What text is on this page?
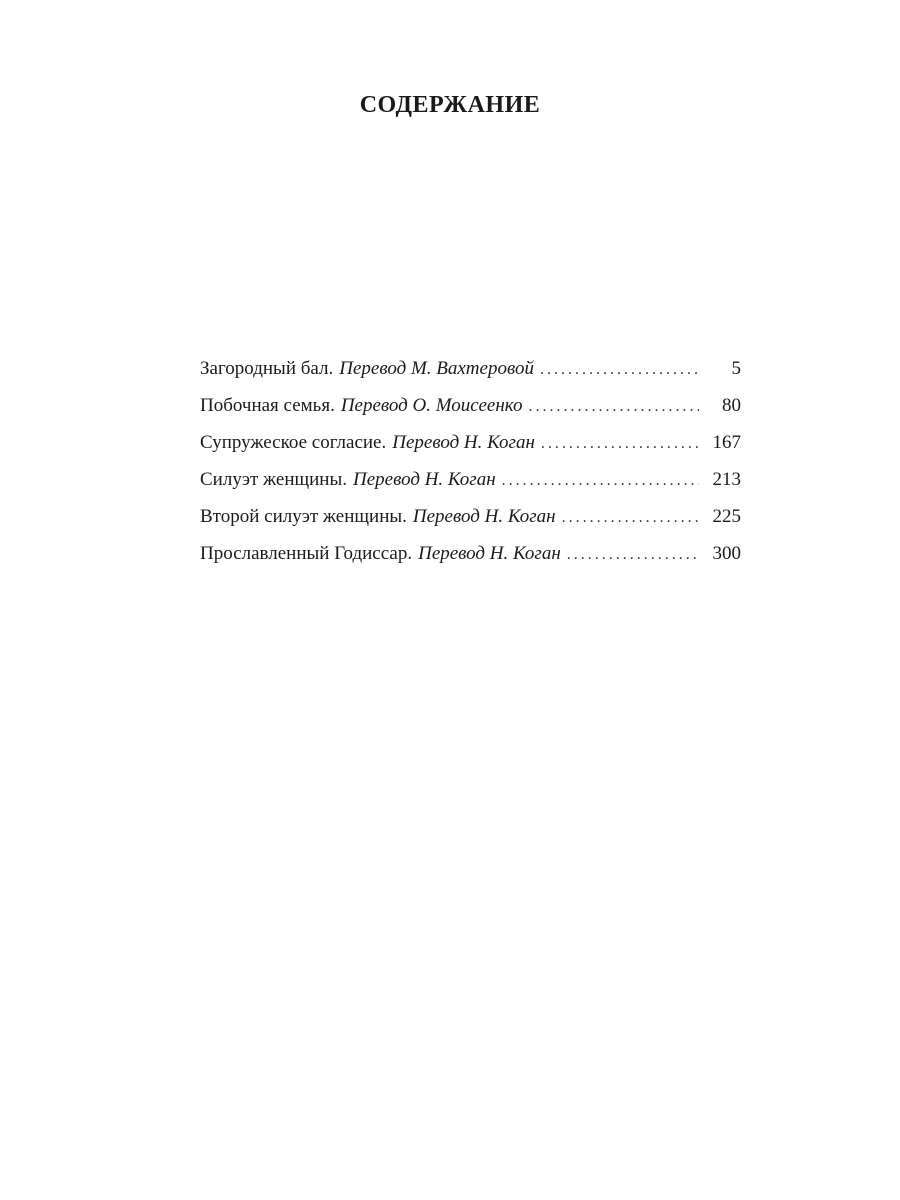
СОДЕРЖАНИЕ
Загородный бал. Перевод М. Вахтеровой . . .	5
Побочная семья. Перевод О. Моисеенко . . .	80
Супружеское согласие. Перевод Н. Коган . . .	167
Силуэт женщины. Перевод Н. Коган . . .	213
Второй силуэт женщины. Перевод Н. Коган . . .	225
Прославленный Годиссар. Перевод Н. Коган . . .	300
